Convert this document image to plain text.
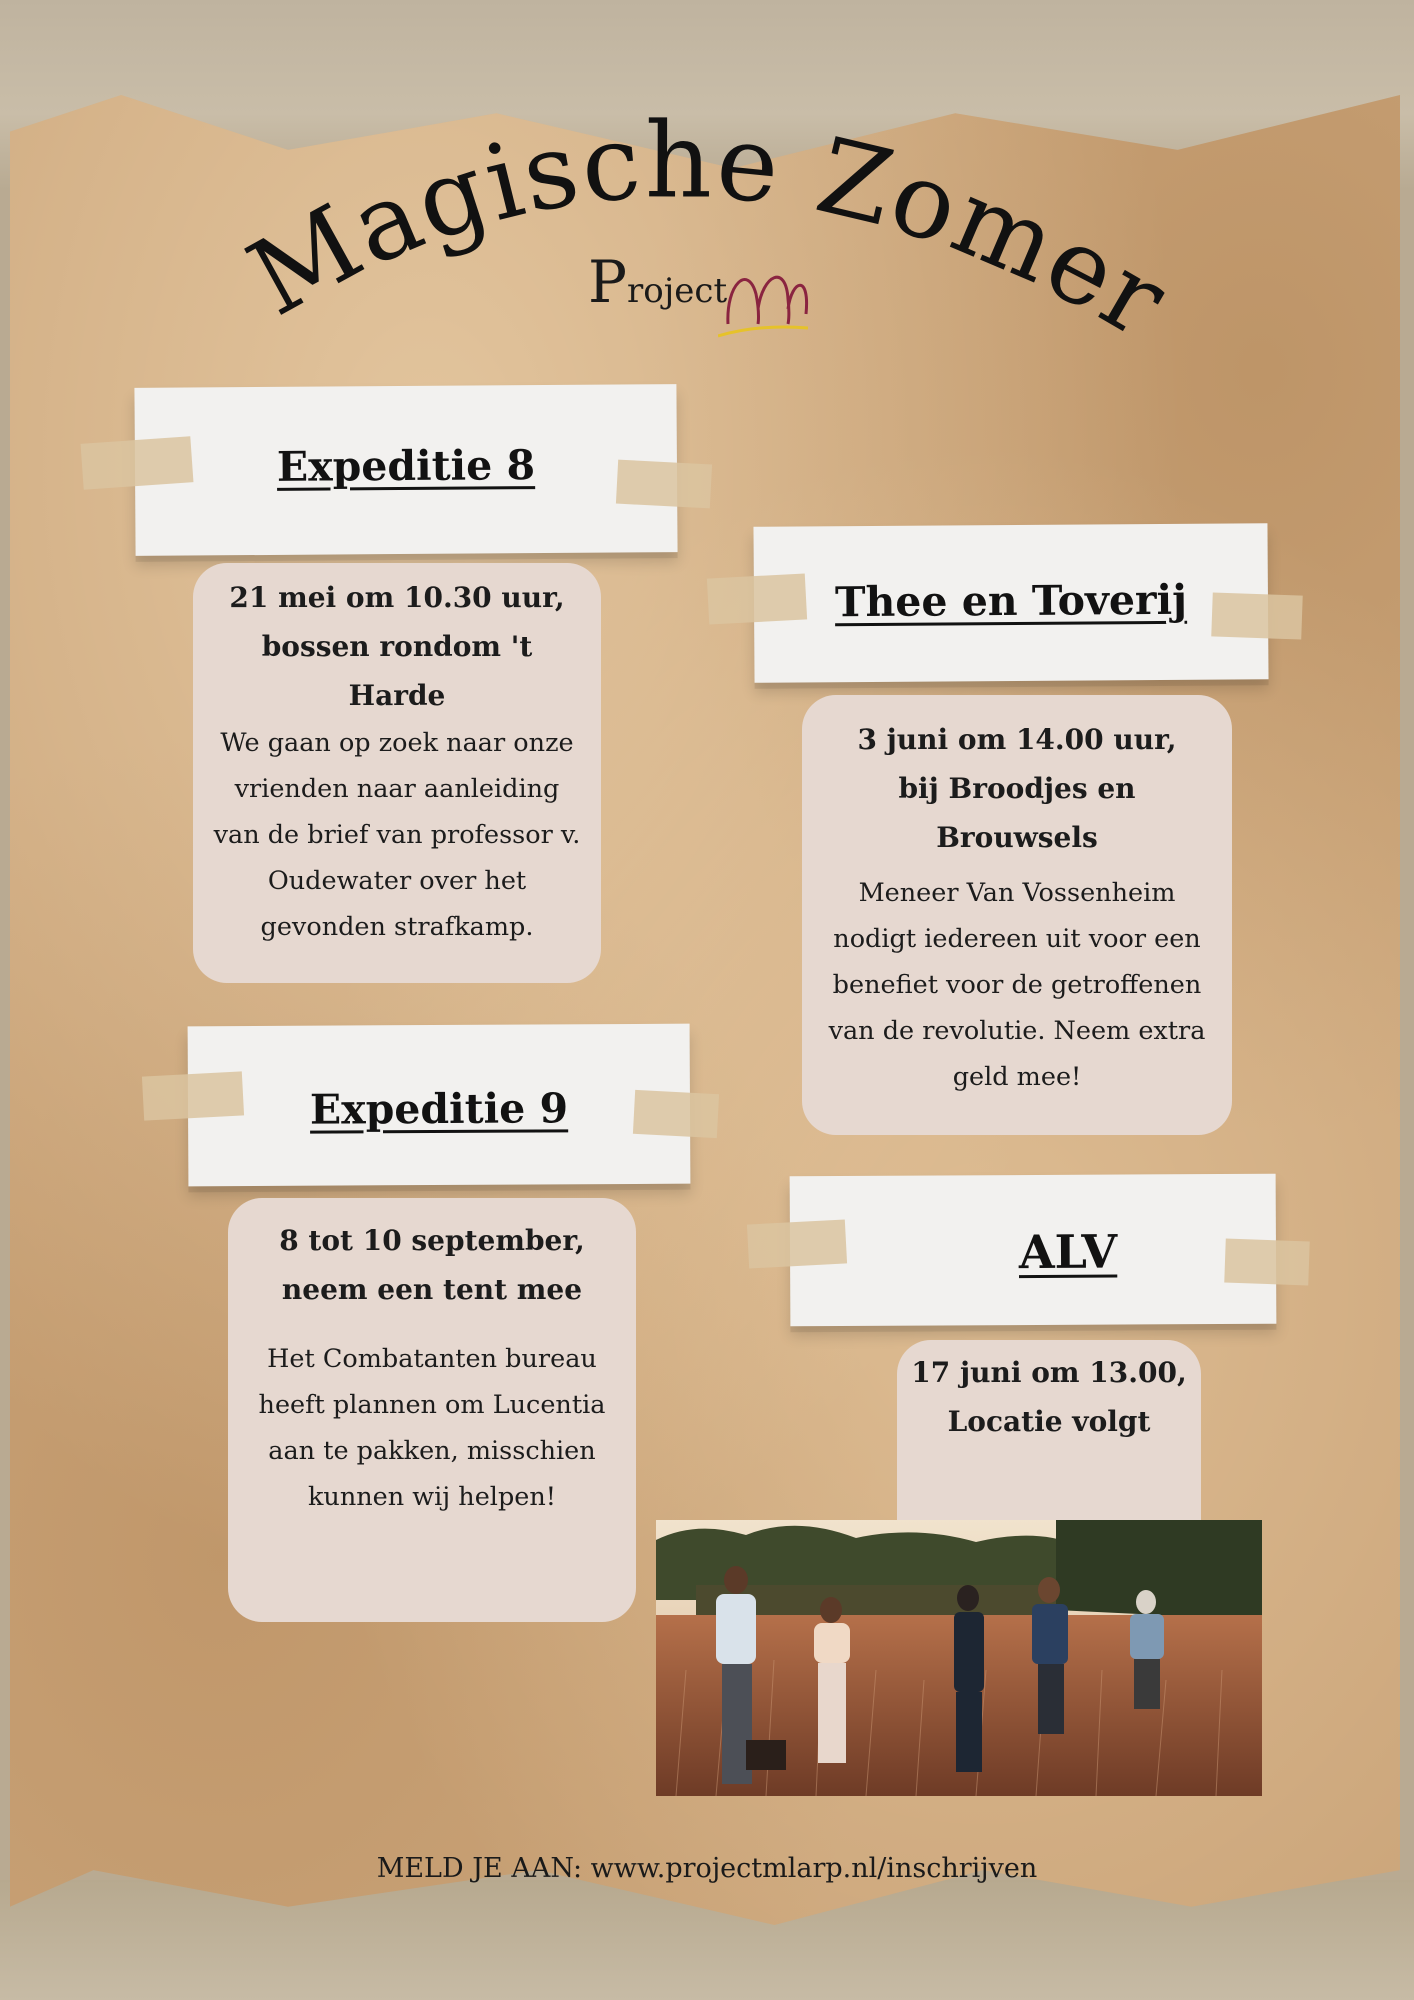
Magische Zomer
Project
Expeditie 8

21 mei om 10.30 uur,

bossen rondom 't

Harde

We gaan op zoek naar onze

vrienden naar aanleiding

van de brief van professor v.

Oudewater over het

gevonden strafkamp.

Thee en Toverij

3 juni om 14.00 uur,

bij Broodjes en

Brouwsels

Meneer Van Vossenheim

nodigt iedereen uit voor een

benefiet voor de getroffenen

van de revolutie. Neem extra

geld mee!

Expeditie 9

8 tot 10 september,

neem een tent mee

Het Combatanten bureau

heeft plannen om Lucentia

aan te pakken, misschien

kunnen wij helpen!

ALV

17 juni om 13.00,

Locatie volgt

MELD JE AAN: www.projectmlarp.nl/inschrijven
